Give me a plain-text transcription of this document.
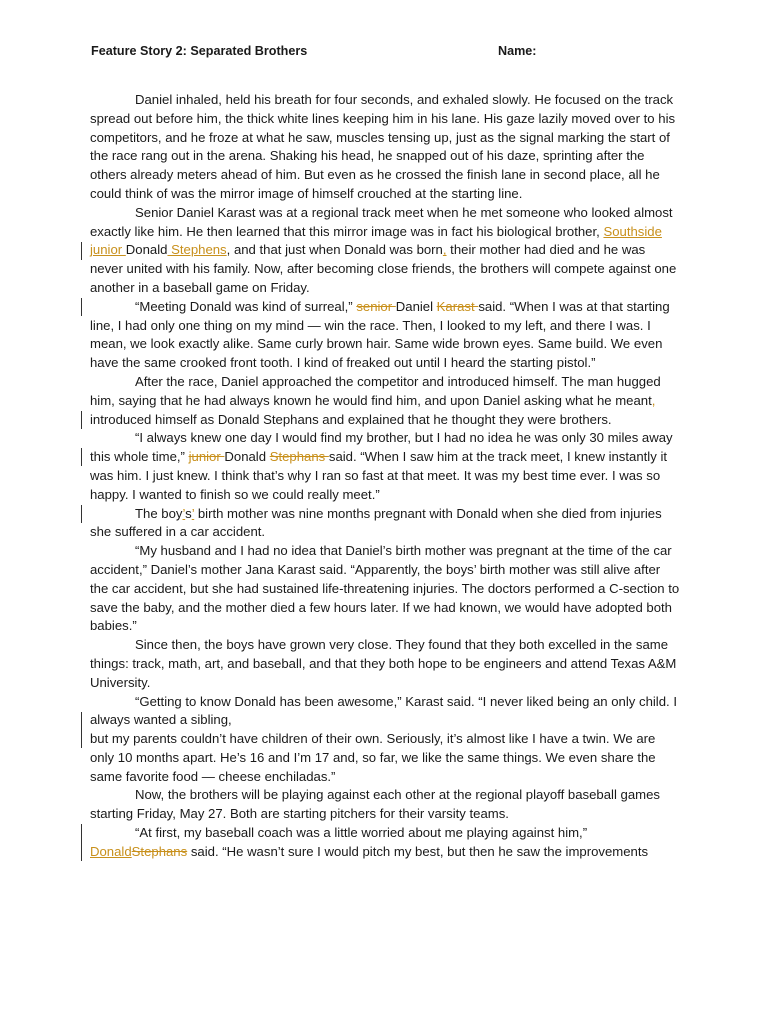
Feature Story 2: Separated Brothers	Name:

Daniel inhaled, held his breath for four seconds, and exhaled slowly. He focused on the track spread out before him, the thick white lines keeping him in his lane. His gaze lazily moved over to his competitors, and he froze at what he saw, muscles tensing up, just as the signal marking the start of the race rang out in the arena. Shaking his head, he snapped out of his daze, sprinting after the others already meters ahead of him. But even as he crossed the finish lane in second place, all he could think of was the mirror image of himself crouched at the starting line.

Senior Daniel Karast was at a regional track meet when he met someone who looked almost exactly like him. He then learned that this mirror image was in fact his biological brother, Southside junior Donald Stephens, and that just when Donald was born, their mother had died and he was never united with his family. Now, after becoming close friends, the brothers will compete against one another in a baseball game on Friday.

“Meeting Donald was kind of surreal,” senior Daniel Karast said. “When I was at that starting line, I had only one thing on my mind — win the race. Then, I looked to my left, and there I was. I mean, we look exactly alike. Same curly brown hair. Same wide brown eyes. Same build. We even have the same crooked front tooth. I kind of freaked out until I heard the starting pistol.”

After the race, Daniel approached the competitor and introduced himself. The man hugged him, saying that he had always known he would find him, and upon Daniel asking what he meant, introduced himself as Donald Stephans and explained that he thought they were brothers.

“I always knew one day I would find my brother, but I had no idea he was only 30 miles away this whole time,” junior Donald Stephans said. “When I saw him at the track meet, I knew instantly it was him. I just knew. I think that’s why I ran so fast at that meet. It was my best time ever. I was so happy. I wanted to finish so we could really meet.”

The boy’s’ birth mother was nine months pregnant with Donald when she died from injuries she suffered in a car accident.

“My husband and I had no idea that Daniel’s birth mother was pregnant at the time of the car accident,” Daniel’s mother Jana Karast said. “Apparently, the boys’ birth mother was still alive after the car accident, but she had sustained life-threatening injuries. The doctors performed a C-section to save the baby, and the mother died a few hours later. If we had known, we would have adopted both babies.”

Since then, the boys have grown very close. They found that they both excelled in the same things: track, math, art, and baseball, and that they both hope to be engineers and attend Texas A&M University.

“Getting to know Donald has been awesome,” Karast said. “I never liked being an only child. I always wanted a sibling,

but my parents couldn’t have children of their own. Seriously, it’s almost like I have a twin. We are only 10 months apart. He’s 16 and I’m 17 and, so far, we like the same things. We even share the same favorite food — cheese enchiladas.”

Now, the brothers will be playing against each other at the regional playoff baseball games starting Friday, May 27. Both are starting pitchers for their varsity teams.

“At first, my baseball coach was a little worried about me playing against him,” DonaldStephans said. “He wasn’t sure I would pitch my best, but then he saw the improvements
